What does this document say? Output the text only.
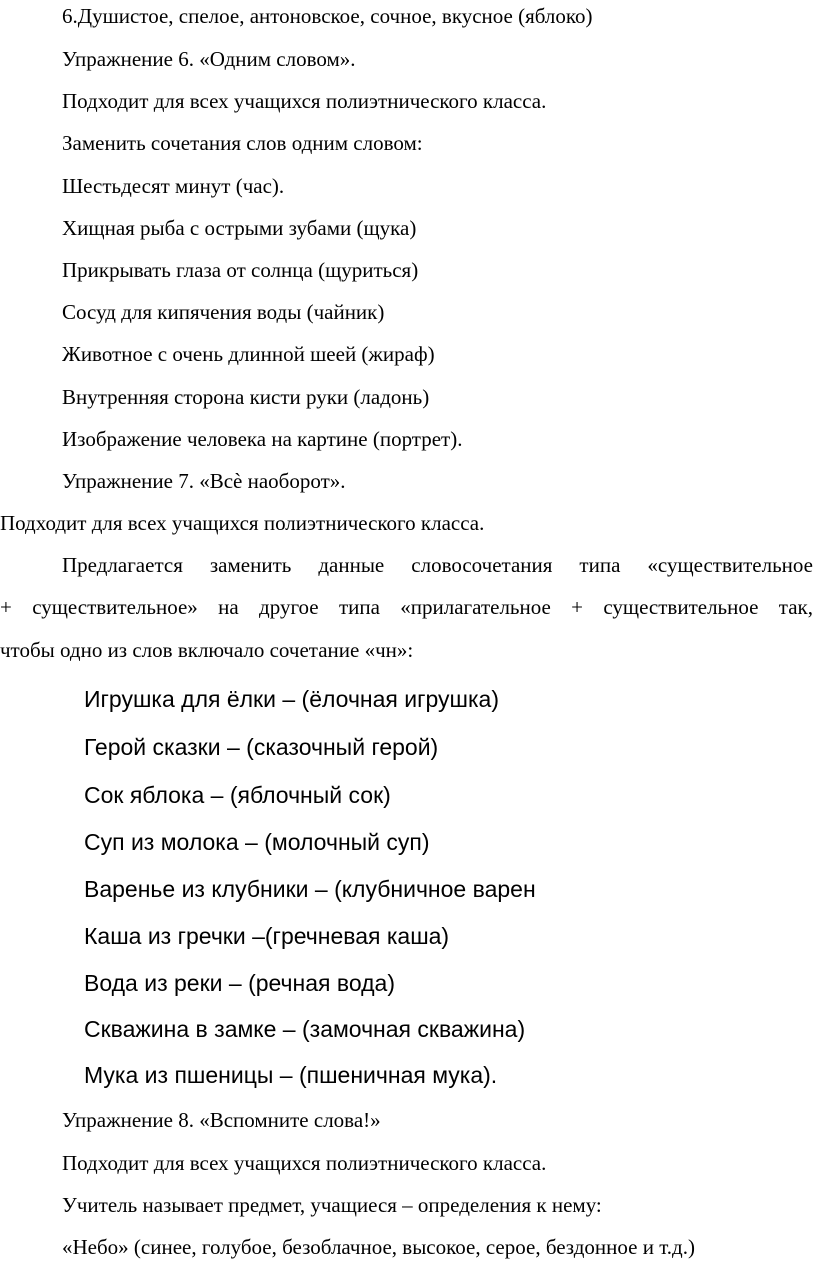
6.Душистое, спелое, антоновское, сочное, вкусное (яблоко)
Упражнение 6. «Одним словом».
Подходит для всех учащихся полиэтнического класса.
Заменить сочетания слов одним словом:
Шестьдесят минут (час).
Хищная рыба с острыми зубами (щука)
Прикрывать глаза от солнца (щуриться)
Сосуд для кипячения воды (чайник)
Животное с очень длинной шеей (жираф)
Внутренняя сторона кисти руки (ладонь)
Изображение человека на картине (портрет).
Упражнение 7. «Всѐ наоборот».
Подходит для всех учащихся полиэтнического класса.
Предлагается заменить данные словосочетания типа «существительное
+ существительное» на другое типа «прилагательное + существительное так,
чтобы одно из слов включало сочетание «чн»:
Игрушка для ёлки – (ёлочная игрушка)
Герой сказки – (сказочный герой)
Сок яблока – (яблочный сок)
Суп из молока – (молочный суп)
Варенье из клубники – (клубничное варен
Каша из гречки –(гречневая каша)
Вода из реки – (речная вода)
Скважина в замке – (замочная скважина)
Мука из пшеницы – (пшеничная мука).
Упражнение 8. «Вспомните слова!»
Подходит для всех учащихся полиэтнического класса.
Учитель называет предмет, учащиеся – определения к нему:
«Небо» (синее, голубое, безоблачное, высокое, серое, бездонное и т.д.)
